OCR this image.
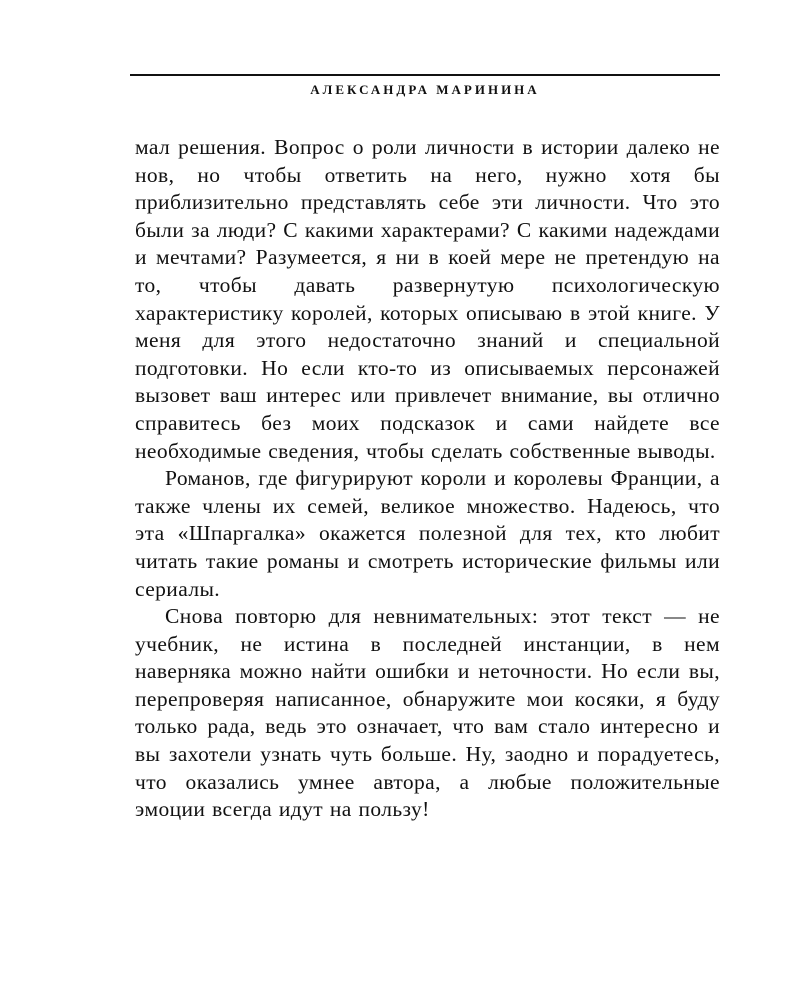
АЛЕКСАНДРА МАРИНИНА

мал решения. Вопрос о роли личности в истории далеко не нов, но чтобы ответить на него, нужно хотя бы приблизительно представлять себе эти личности. Что это были за люди? С какими характерами? С какими надеждами и мечтами? Разумеется, я ни в коей мере не претендую на то, чтобы давать развернутую психологическую характеристику королей, которых описываю в этой книге. У меня для этого недостаточно знаний и специальной подготовки. Но если кто-то из описываемых персонажей вызовет ваш интерес или привлечет внимание, вы отлично справитесь без моих подсказок и сами найдете все необходимые сведения, чтобы сделать собственные выводы.

Романов, где фигурируют короли и королевы Франции, а также члены их семей, великое множество. Надеюсь, что эта «Шпаргалка» окажется полезной для тех, кто любит читать такие романы и смотреть исторические фильмы или сериалы.

Снова повторю для невнимательных: этот текст — не учебник, не истина в последней инстанции, в нем наверняка можно найти ошибки и неточности. Но если вы, перепроверяя написанное, обнаружите мои косяки, я буду только рада, ведь это означает, что вам стало интересно и вы захотели узнать чуть больше. Ну, заодно и порадуетесь, что оказались умнее автора, а любые положительные эмоции всегда идут на пользу!
